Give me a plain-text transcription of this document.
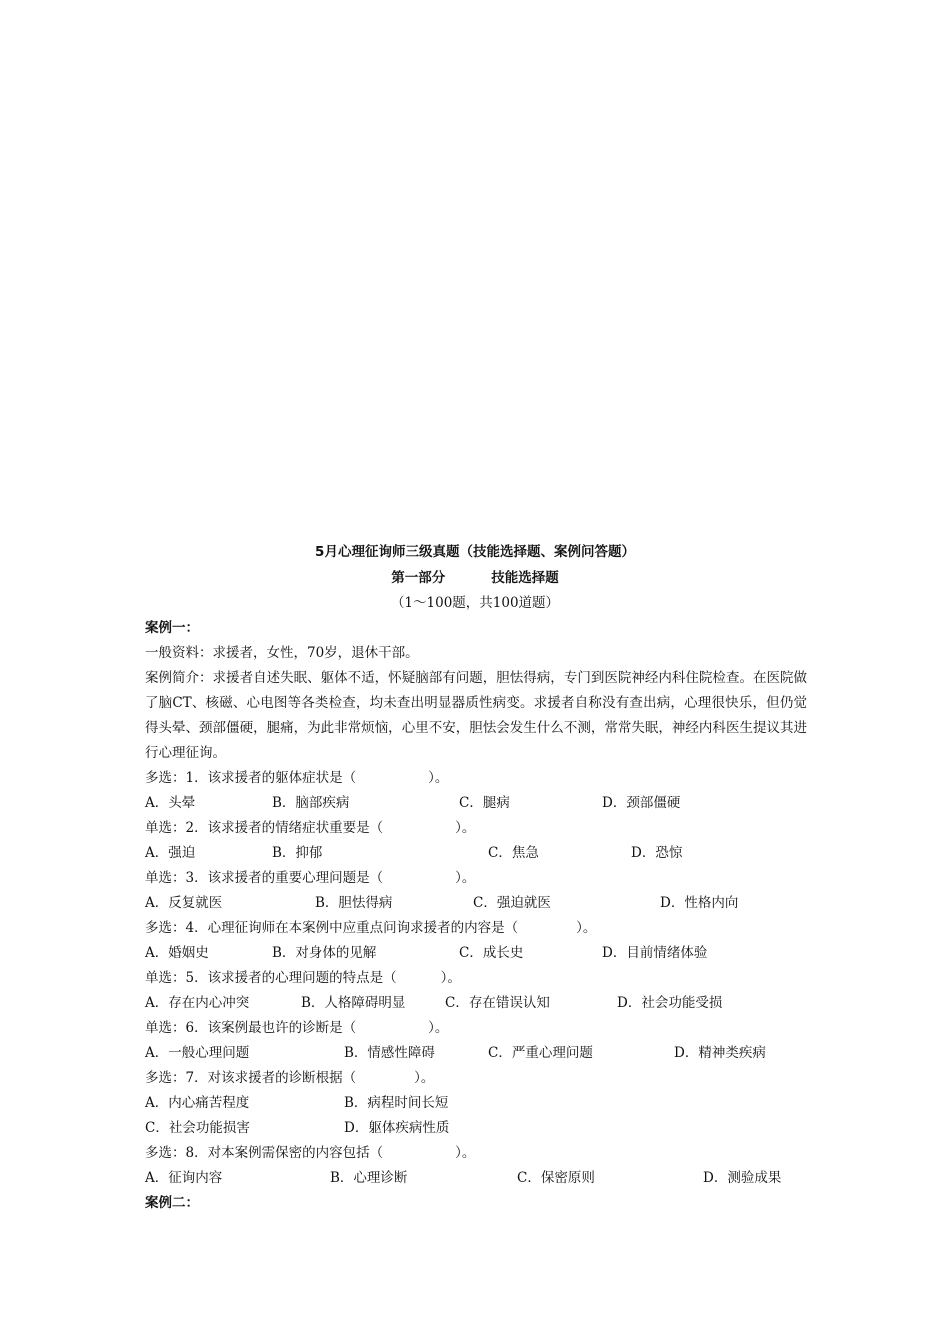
5月心理征询师三级真题（技能选择题、案例问答题）
第一部分	技能选择题
（1～100题，共100道题）
案例一：
一般资料：求援者，女性，70岁，退休干部。
案例简介：求援者自述失眠、躯体不适，怀疑脑部有问题，胆怯得病，专门到医院神经内科住院检查。在医院做了脑CT、核磁、心电图等各类检查，均未查出明显器质性病变。求援者自称没有查出病，心理很快乐，但仍觉得头晕、颈部僵硬，腿痛，为此非常烦恼，心里不安，胆怯会发生什么不测，常常失眠，神经内科医生提议其进行心理征询。
多选：1．该求援者的躯体症状是（	）。
A．头晕	B．脑部疾病	C．腿病	D．颈部僵硬
单选：2．该求援者的情绪症状重要是（	）。
A．强迫	B．抑郁	C．焦急	D．恐惊
单选：3．该求援者的重要心理问题是（	）。
A．反复就医	B．胆怯得病	C．强迫就医	D．性格内向
多选：4．心理征询师在本案例中应重点问询求援者的内容是（	）。
A．婚姻史	B．对身体的见解	C．成长史	D．目前情绪体验
单选：5．该求援者的心理问题的特点是（	）。
A．存在内心冲突	B．人格障碍明显	C．存在错误认知	D．社会功能受损
单选：6．该案例最也许的诊断是（	）。
A．一般心理问题	B．情感性障碍	C．严重心理问题	D．精神类疾病
多选：7．对该求援者的诊断根据（	）。
A．内心痛苦程度	B．病程时间长短
C．社会功能损害	D．躯体疾病性质
多选：8．对本案例需保密的内容包括（	）。
A．征询内容	B．心理诊断	C．保密原则	D．测验成果
案例二：
